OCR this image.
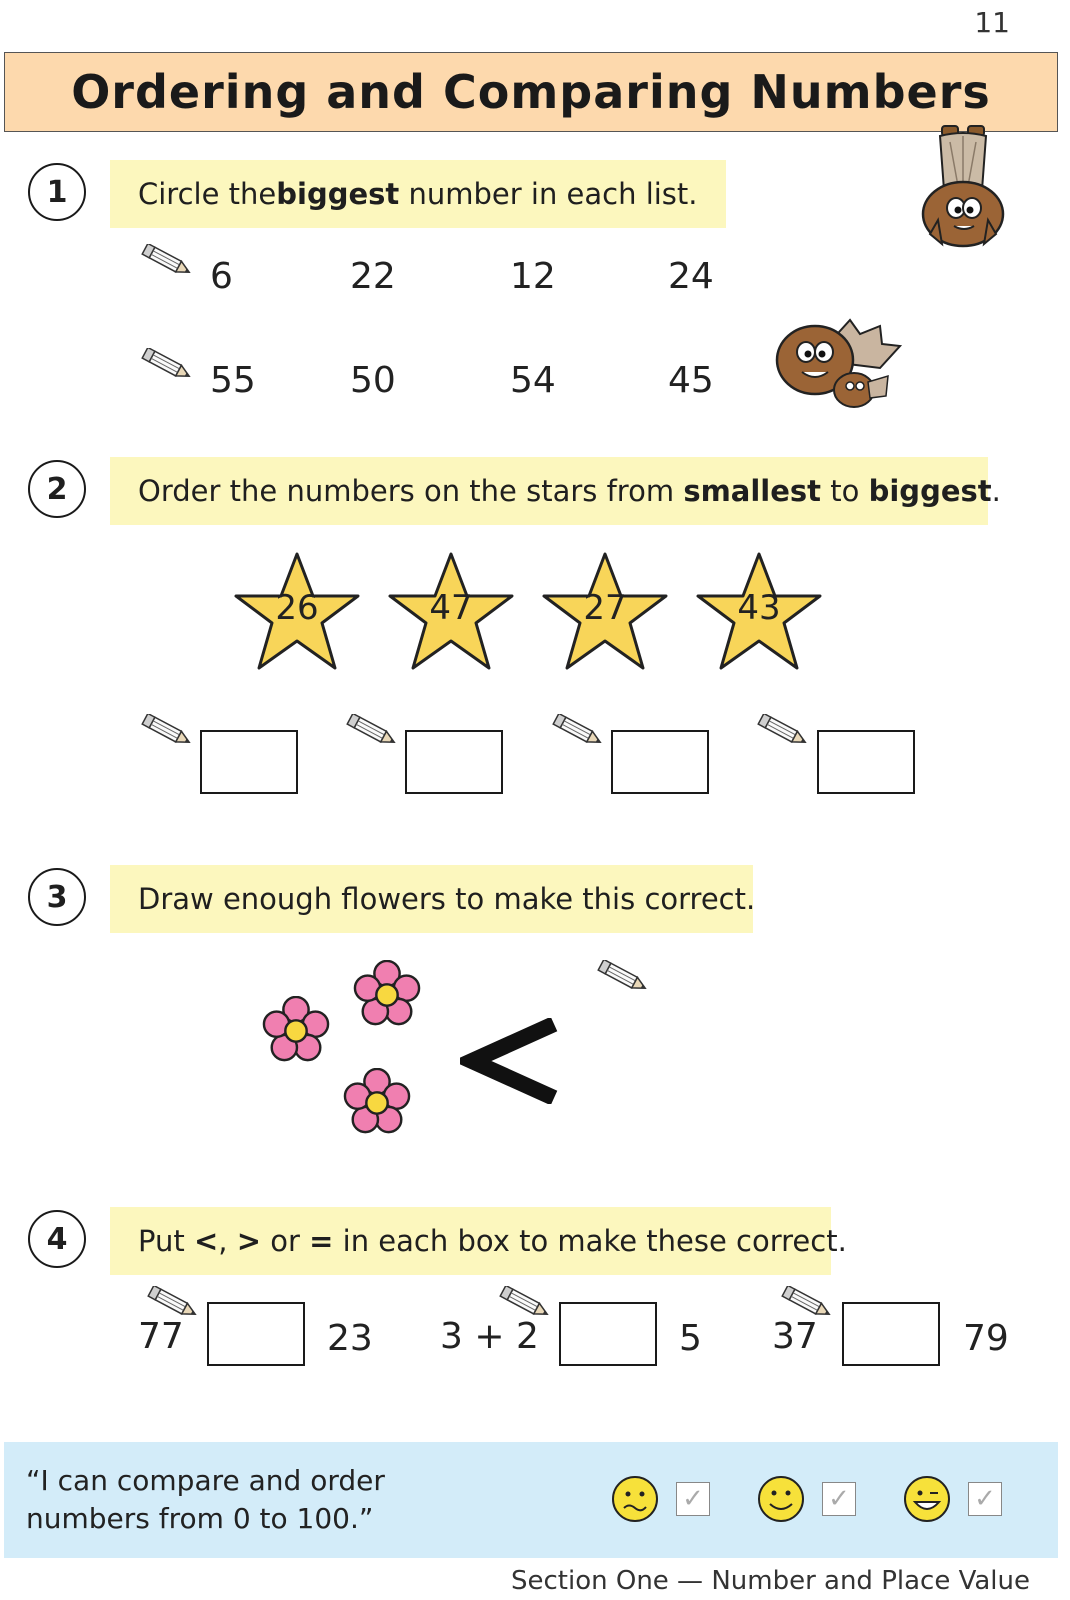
11
Ordering and Comparing Numbers
1	Circle the biggest number in each list.
6	22	12	24
55	50	54	45
2	Order the numbers on the stars from smallest to biggest .
26	47	27	43
3	Draw enough flowers to make this correct.
4	Put < , > or = in each box to make these correct.
77	23 3 + 2	5 37	79
“I can compare and order
numbers from 0 to 100.”
✓	✓	✓
Section One — Number and Place Value
